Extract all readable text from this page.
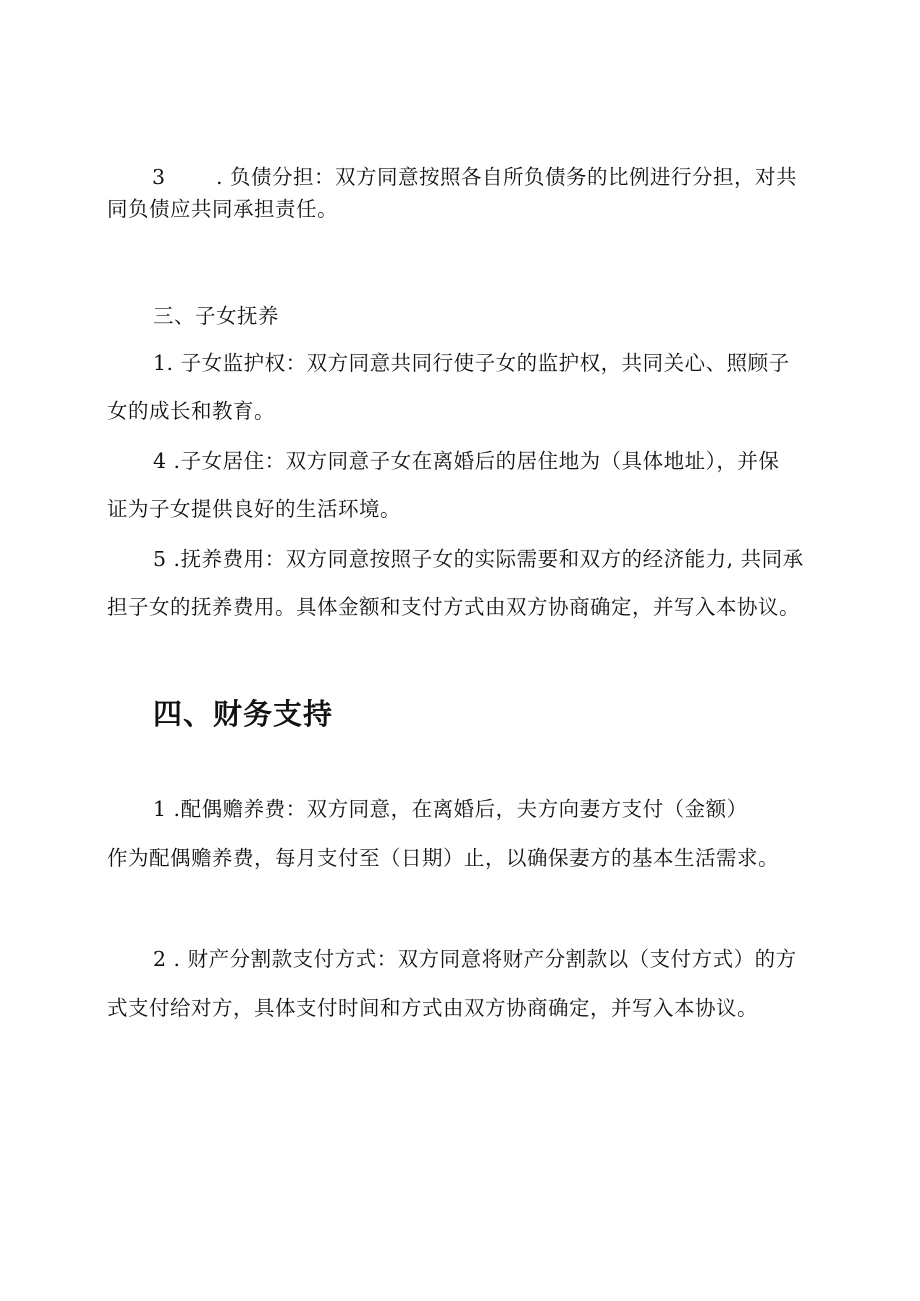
3 . 负债分担：双方同意按照各自所负债务的比例进行分担，对共
同负债应共同承担责任。
三、子女抚养
1. 子女监护权：双方同意共同行使子女的监护权，共同关心、照顾子
女的成长和教育。
4 .子女居住：双方同意子女在离婚后的居住地为（具体地址），并保
证为子女提供良好的生活环境。
5 .抚养费用：双方同意按照子女的实际需要和双方的经济能力, 共同承
担子女的抚养费用。具体金额和支付方式由双方协商确定，并写入本协议。
四、财务支持
1 .配偶赡养费：双方同意，在离婚后，夫方向妻方支付（金额）
作为配偶赡养费，每月支付至（日期）止，以确保妻方的基本生活需求。
2 . 财产分割款支付方式：双方同意将财产分割款以（支付方式）的方
式支付给对方，具体支付时间和方式由双方协商确定，并写入本协议。
